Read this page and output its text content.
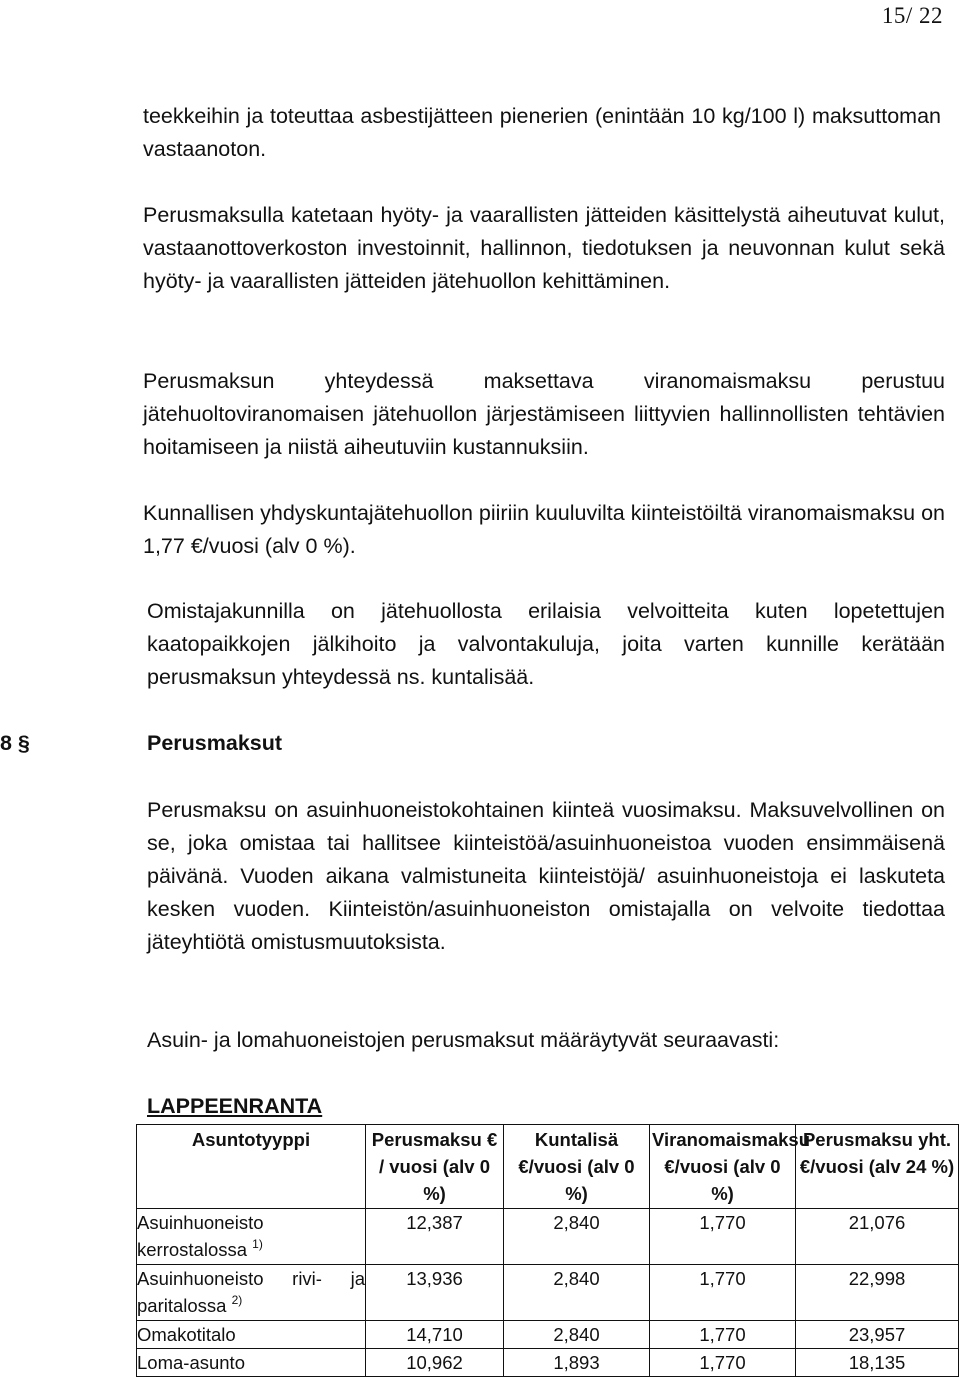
15/ 22

teekkeihin ja toteuttaa asbestijätteen pienerien (enintään 10 kg/100 l) maksuttoman vastaanoton.

Perusmaksulla katetaan hyöty- ja vaarallisten jätteiden käsittelystä aiheutuvat kulut, vastaanottoverkoston investoinnit, hallinnon, tiedotuksen ja neuvonnan kulut sekä hyöty- ja vaarallisten jätteiden jätehuollon kehittäminen.

Perusmaksun yhteydessä maksettava viranomaismaksu perustuu jätehuoltoviranomaisen jätehuollon järjestämiseen liittyvien hallinnollisten tehtävien hoitamiseen ja niistä aiheutuviin kustannuksiin.

Kunnallisen yhdyskuntajätehuollon piiriin kuuluvilta kiinteistöiltä viranomaismaksu on 1,77 €/vuosi (alv 0 %).

Omistajakunnilla on jätehuollosta erilaisia velvoitteita kuten lopetettujen kaatopaikkojen jälkihoito ja valvontakuluja, joita varten kunnille kerätään perusmaksun yhteydessä ns. kuntalisää.

8 §	Perusmaksut

Perusmaksu on asuinhuoneistokohtainen kiinteä vuosimaksu. Maksuvelvollinen on se, joka omistaa tai hallitsee kiinteistöä/asuinhuoneistoa vuoden ensimmäisenä päivänä. Vuoden aikana valmistuneita kiinteistöjä/ asuinhuoneistoja ei laskuteta kesken vuoden. Kiinteistön/asuinhuoneiston omistajalla on velvoite tiedottaa jäteyhtiötä omistusmuutoksista.

Asuin- ja lomahuoneistojen perusmaksut määräytyvät seuraavasti:

LAPPEENRANTA

Asuntotyyppi	Perusmaksu € / vuosi (alv 0 %)	Kuntalisä €/vuosi (alv 0 %)	Viranomaismaksu €/vuosi (alv 0 %)	Perusmaksu yht. €/vuosi (alv 24 %)
Asuinhuoneisto kerrostalossa $^{1)}$	12,387	2,840	1,770	21,076
Asuinhuoneisto rivi- ja paritalossa $^{2)}$	13,936	2,840	1,770	22,998
Omakotitalo	14,710	2,840	1,770	23,957
Loma-asunto	10,962	1,893	1,770	18,135
